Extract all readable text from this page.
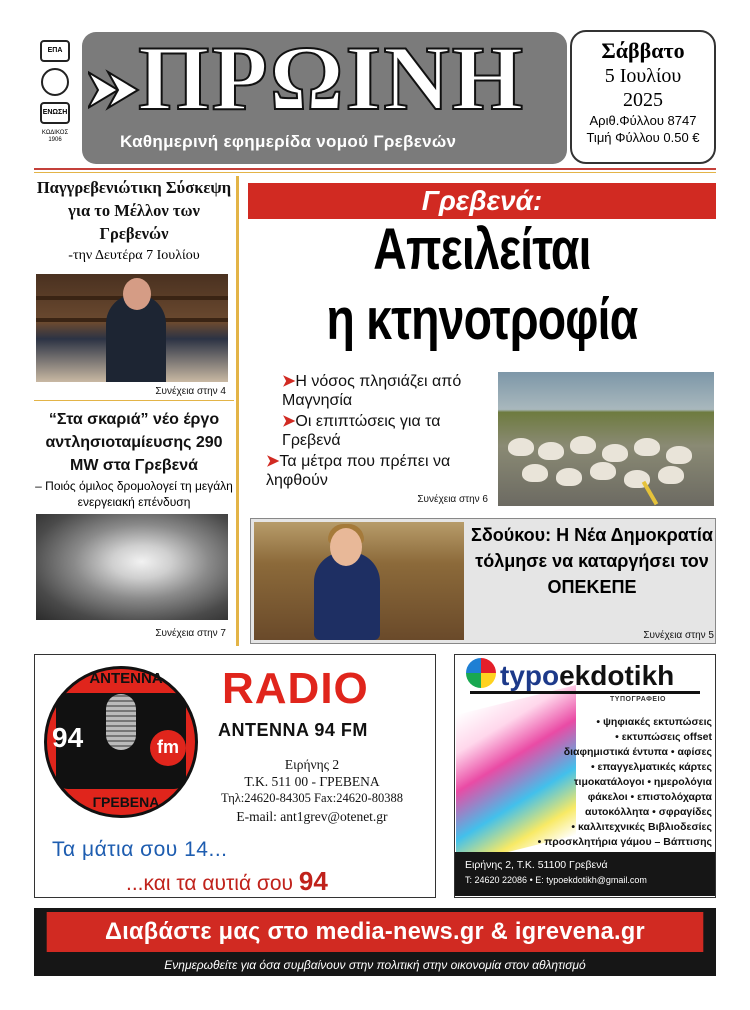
ΕΠΑ
ΕΝΩΣΗ
ΚΩΔΙΚΟΣ
1906
ΠΡΩΙΝΗ
Καθημερινή εφημερίδα νομού Γρεβενών
Σάββατο
5 Ιουλίου
2025
Αριθ.Φύλλου 8747
Τιμή Φύλλου 0.50 €
Παγγρεβενιώτικη Σύσκεψη για το Μέλλον των Γρεβενών
-την Δευτέρα 7 Ιουλίου
Συνέχεια στην 4
“Στα σκαριά” νέο έργο αντλησιοταμίευσης 290 MW στα Γρεβενά
– Ποιός όμιλος δρομολογεί τη μεγάλη ενεργειακή επένδυση
Συνέχεια στην 7
Γρεβενά:
Απειλείται
η κτηνοτροφία
➤Η νόσος πλησιάζει από Μαγνησία
➤Οι επιπτώσεις για τα Γρεβενά
➤Τα μέτρα που πρέπει να ληφθούν
Συνέχεια στην 6
Σδούκου: Η Νέα Δημοκρατία τόλμησε να καταργήσει τον ΟΠΕΚΕΠΕ
Συνέχεια στην 5
ΑΝΤΕΝΝΑ
94	fm
ΓΡΕΒΕΝΑ
RADIO
ANTENNA 94 FM
Ειρήνης 2
Τ.Κ. 511 00 - ΓΡΕΒΕΝΑ
Τηλ:24620-84305 Fax:24620-80388
E-mail: ant1grev@otenet.gr
Τα μάτια σου 14...
...και τα αυτιά σου 94
typoekdotikh
ΤΥΠΟΓΡΑΦΕΙΟ
• ψηφιακές εκτυπώσεις
• εκτυπώσεις offset
διαφημιστικά έντυπα • αφίσες
• επαγγελματικές κάρτες
τιμοκατάλογοι • ημερολόγια
φάκελοι • επιστολόχαρτα
αυτοκόλλητα • σφραγίδες
• καλλιτεχνικές Βιβλιοδεσίες
• προσκλητήρια γάμου – Βάπτισης
Ειρήνης 2, Τ.Κ. 51100 Γρεβενά
Τ: 24620 22086 • E: typoekdotikh@gmail.com
Διαβάστε μας στο media-news.gr & igrevena.gr
Ενημερωθείτε για όσα συμβαίνουν στην πολιτική στην οικονομία στον αθλητισμό
